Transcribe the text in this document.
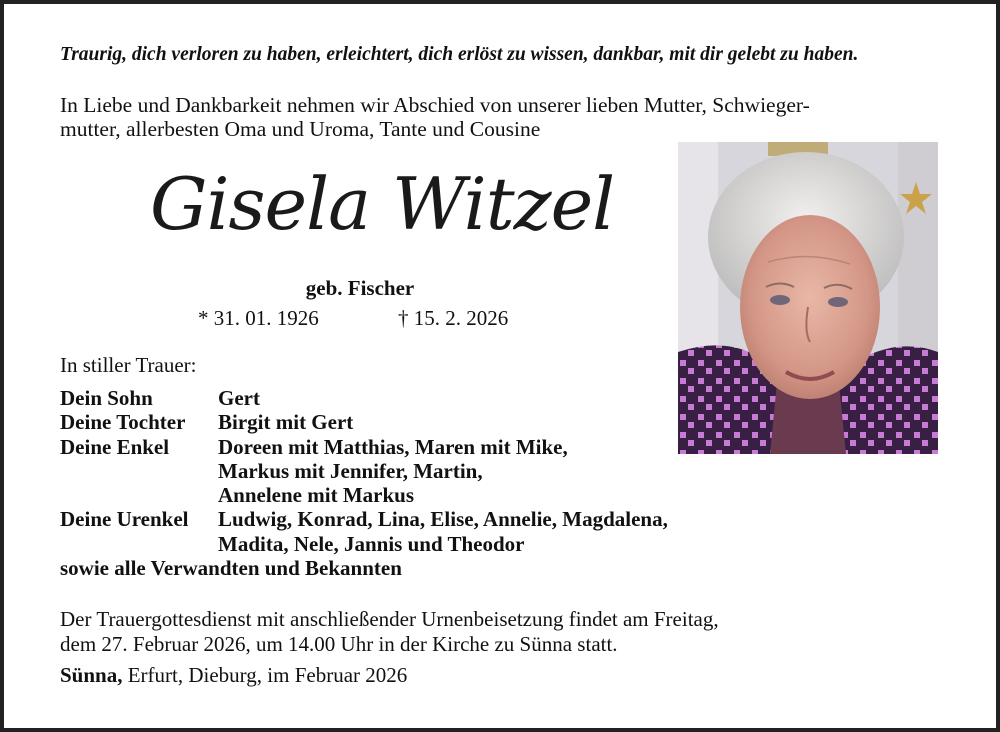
Traurig, dich verloren zu haben, erleichtert, dich erlöst zu wissen, dankbar, mit dir gelebt zu haben.
In Liebe und Dankbarkeit nehmen wir Abschied von unserer lieben Mutter, Schwieger-
mutter, allerbesten Oma und Uroma, Tante und Cousine
Gisela Witzel
geb. Fischer
* 31. 01. 1926	† 15. 2. 2026
In stiller Trauer:
Dein Sohn	Gert
Deine Tochter	Birgit mit Gert
Deine Enkel	Doreen mit Matthias, Maren mit Mike,
Markus mit Jennifer, Martin,
Annelene mit Markus
Deine Urenkel	Ludwig, Konrad, Lina, Elise, Annelie, Magdalena,
Madita, Nele, Jannis und Theodor
sowie alle Verwandten und Bekannten
Der Trauergottesdienst mit anschließender Urnenbeisetzung findet am Freitag,
dem 27. Februar 2026, um 14.00 Uhr in der Kirche zu Sünna statt.
Sünna, Erfurt, Dieburg, im Februar 2026
